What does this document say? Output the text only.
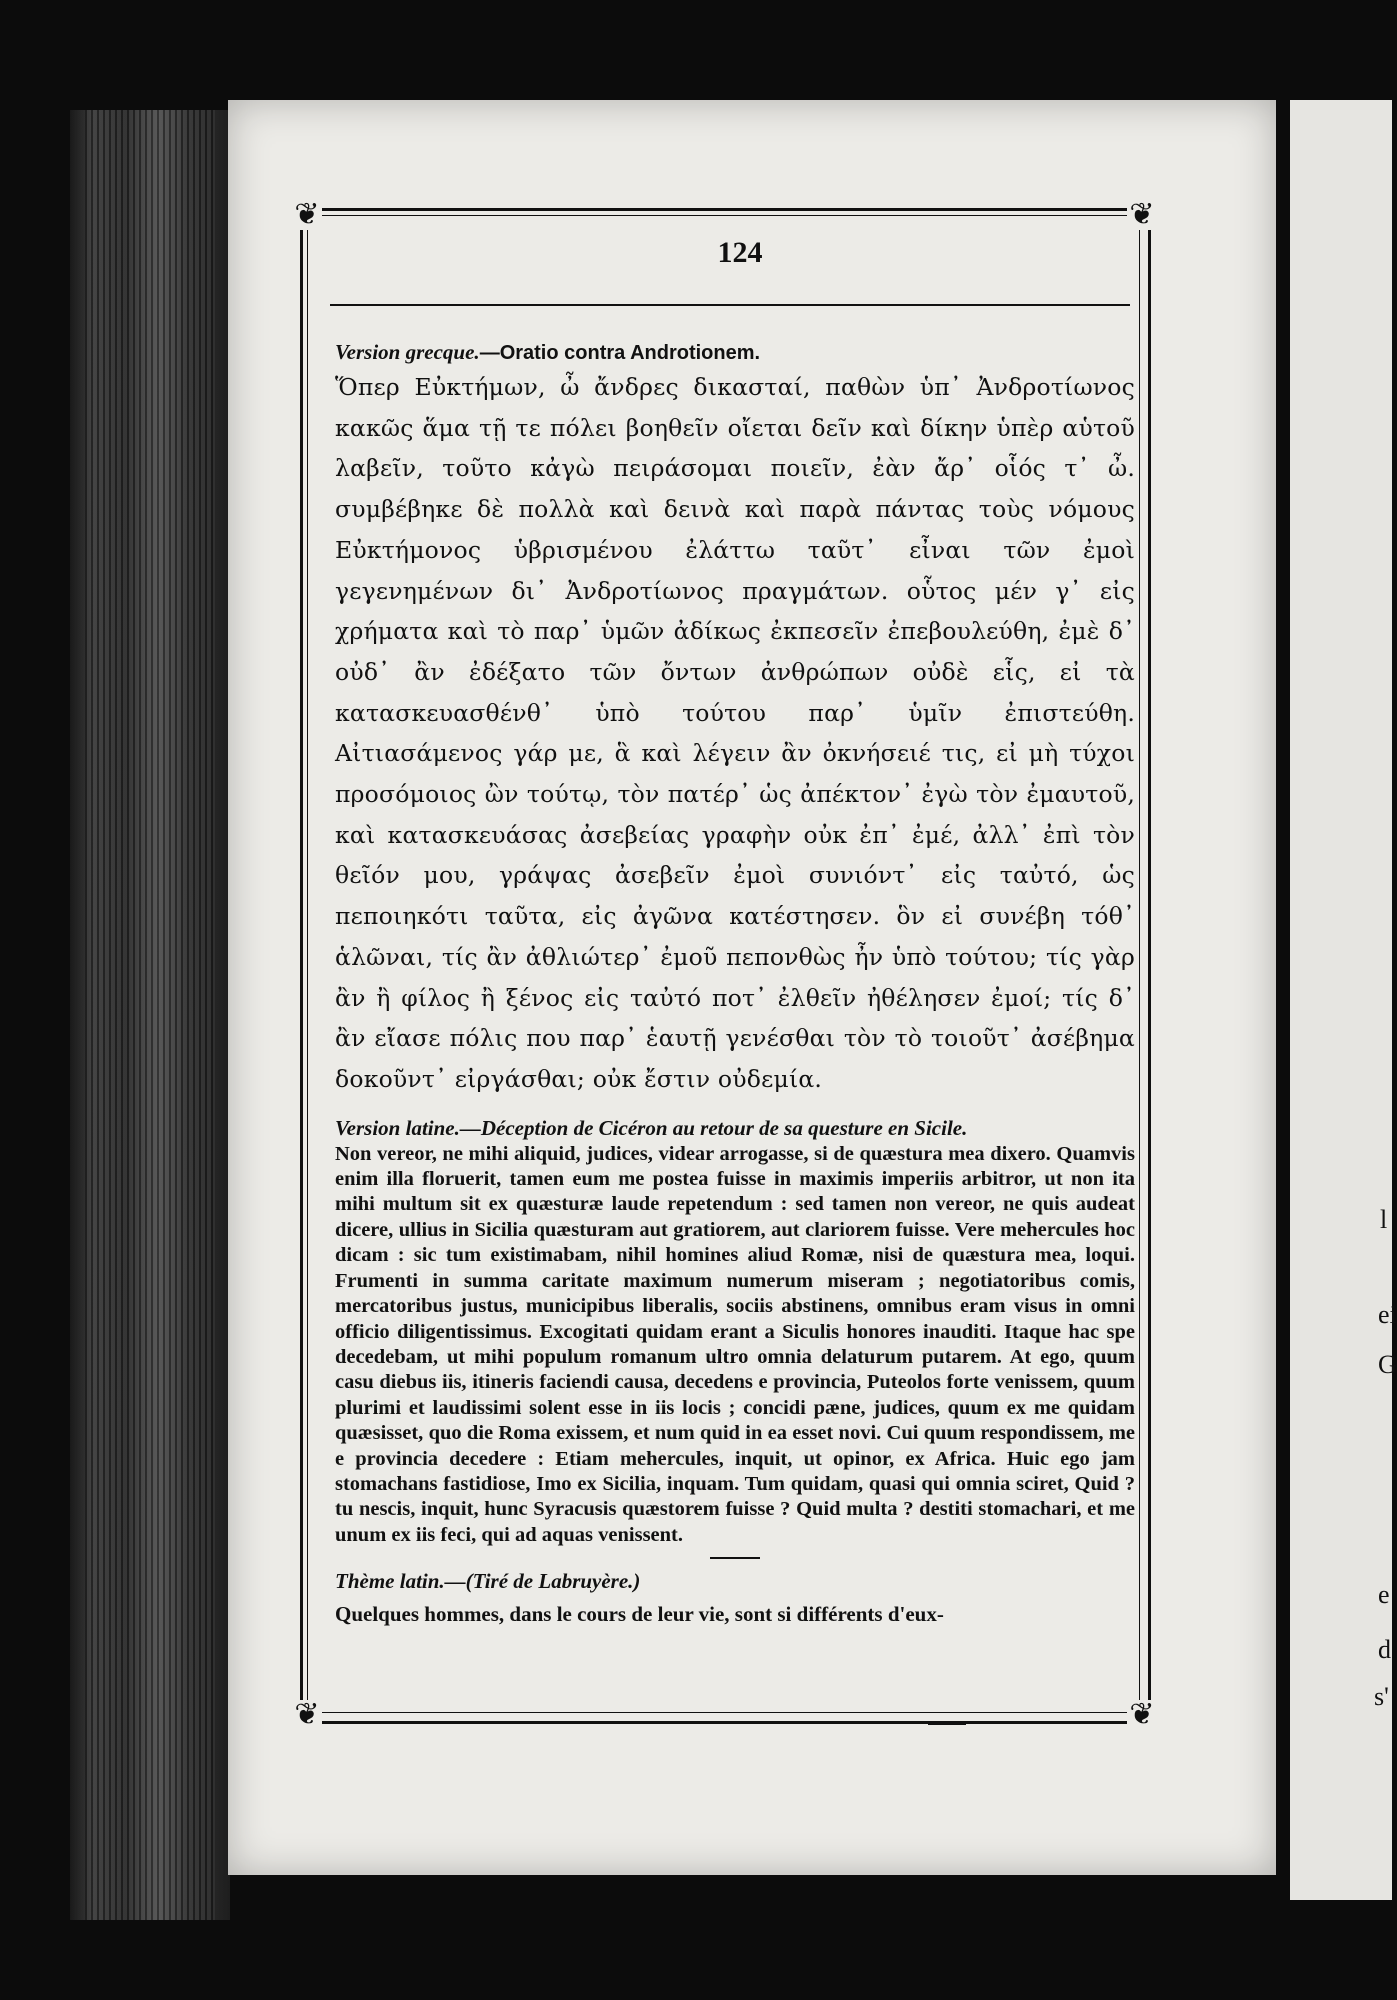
l
ei
G
e
d
s'
❦	❦
❦	❦
124

Version grecque.—Oratio contra Androtionem.

Ὅπερ Εὐκτήμων, ὦ ἄνδρες δικασταί, παθὼν ὑπ᾽ Ἀνδροτίωνος κακῶς ἅμα τῇ τε πόλει βοηθεῖν οἴεται δεῖν καὶ δίκην ὑπὲρ αὑτοῦ λαβεῖν, τοῦτο κἀγὼ πειράσομαι ποιεῖν, ἐὰν ἄρ᾽ οἷός τ᾽ ὦ. συμβέβηκε δὲ πολλὰ καὶ δεινὰ καὶ παρὰ πάντας τοὺς νόμους Εὐκτήμονος ὑβρισμένου ἐλάττω ταῦτ᾽ εἶναι τῶν ἐμοὶ γεγενημένων δι᾽ Ἀνδροτίωνος πραγμάτων. οὗτος μέν γ᾽ εἰς χρήματα καὶ τὸ παρ᾽ ὑμῶν ἀδίκως ἐκπεσεῖν ἐπεβουλεύθη, ἐμὲ δ᾽ οὐδ᾽ ἂν ἐδέξατο τῶν ὄντων ἀνθρώπων οὐδὲ εἷς, εἰ τὰ κατασκευασθένθ᾽ ὑπὸ τούτου παρ᾽ ὑμῖν ἐπιστεύθη. Αἰτιασάμενος γάρ με, ἃ καὶ λέγειν ἂν ὀκνήσειέ τις, εἰ μὴ τύχοι προσόμοιος ὢν τούτῳ, τὸν πατέρ᾽ ὡς ἀπέκτον᾽ ἐγὼ τὸν ἐμαυτοῦ, καὶ κατασκευάσας ἀσεβείας γραφὴν οὐκ ἐπ᾽ ἐμέ, ἀλλ᾽ ἐπὶ τὸν θεῖόν μου, γράψας ἀσεβεῖν ἐμοὶ συνιόντ᾽ εἰς ταὐτό, ὡς πεποιηκότι ταῦτα, εἰς ἀγῶνα κατέστησεν. ὃν εἰ συνέβη τόθ᾽ ἁλῶναι, τίς ἂν ἀθλιώτερ᾽ ἐμοῦ πεπονθὼς ἦν ὑπὸ τούτου; τίς γὰρ ἂν ἢ φίλος ἢ ξένος εἰς ταὐτό ποτ᾽ ἐλθεῖν ἠθέλησεν ἐμοί; τίς δ᾽ ἂν εἴασε πόλις που παρ᾽ ἑαυτῇ γενέσθαι τὸν τὸ τοιοῦτ᾽ ἀσέβημα δοκοῦντ᾽ εἰργάσθαι; οὐκ ἔστιν οὐδεμία.

Version latine.—Déception de Cicéron au retour de sa questure en Sicile.

Non vereor, ne mihi aliquid, judices, videar arrogasse, si de quæstura mea dixero. Quamvis enim illa floruerit, tamen eum me postea fuisse in maximis imperiis arbitror, ut non ita mihi multum sit ex quæsturæ laude repetendum : sed tamen non vereor, ne quis audeat dicere, ullius in Sicilia quæsturam aut gratiorem, aut clariorem fuisse. Vere mehercules hoc dicam : sic tum existimabam, nihil homines aliud Romæ, nisi de quæstura mea, loqui. Frumenti in summa caritate maximum numerum miseram ; negotiatoribus comis, mercatoribus justus, municipibus liberalis, sociis abstinens, omnibus eram visus in omni officio diligentissimus. Excogitati quidam erant a Siculis honores inauditi. Itaque hac spe decedebam, ut mihi populum romanum ultro omnia delaturum putarem. At ego, quum casu diebus iis, itineris faciendi causa, decedens e provincia, Puteolos forte venissem, quum plurimi et laudissimi solent esse in iis locis ; concidi pæne, judices, quum ex me quidam quæsisset, quo die Roma exissem, et num quid in ea esset novi. Cui quum respondissem, me e provincia decedere : Etiam mehercules, inquit, ut opinor, ex Africa. Huic ego jam stomachans fastidiose, Imo ex Sicilia, inquam. Tum quidam, quasi qui omnia sciret, Quid ? tu nescis, inquit, hunc Syracusis quæstorem fuisse ? Quid multa ? destiti stomachari, et me unum ex iis feci, qui ad aquas venissent.

Thème latin.—(Tiré de Labruyère.)

Quelques hommes, dans le cours de leur vie, sont si différents d'eux-
